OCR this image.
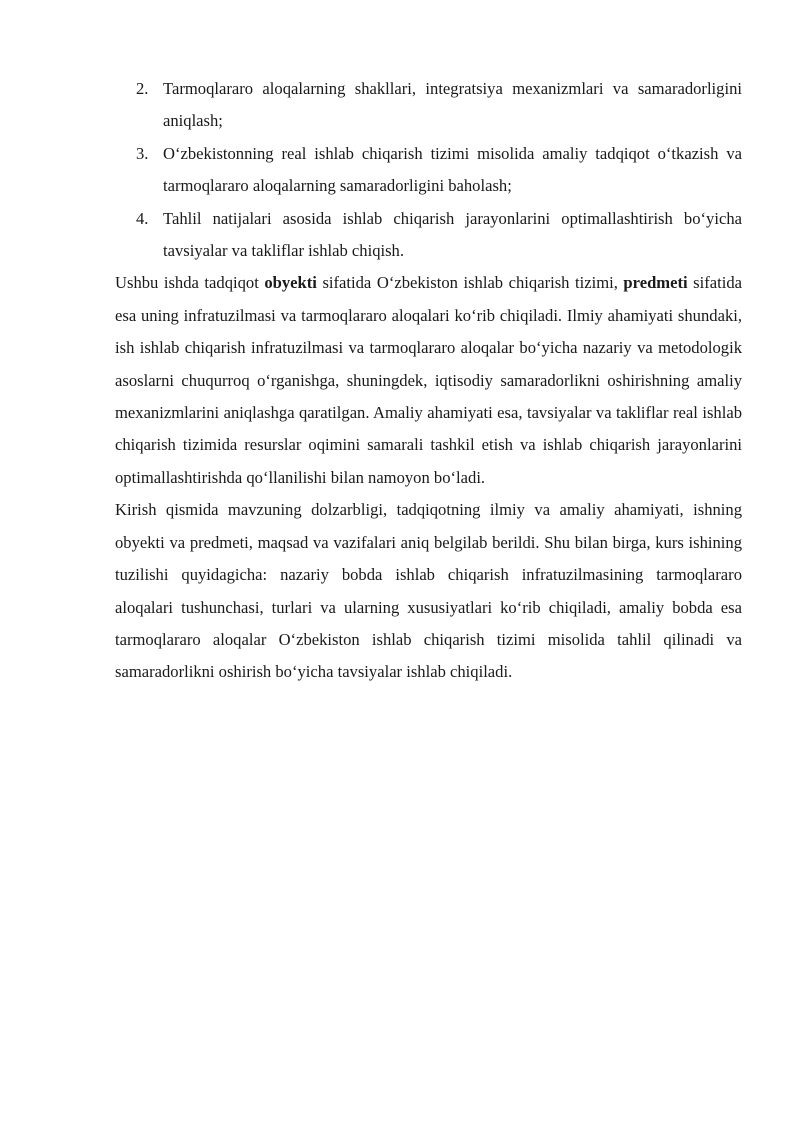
2. Tarmoqlararo aloqalarning shakllari, integratsiya mexanizmlari va samaradorligini aniqlash;
3. O‘zbekistonning real ishlab chiqarish tizimi misolida amaliy tadqiqot o‘tkazish va tarmoqlararo aloqalarning samaradorligini baholash;
4. Tahlil natijalari asosida ishlab chiqarish jarayonlarini optimallashtirish bo‘yicha tavsiyalar va takliflar ishlab chiqish.

Ushbu ishda tadqiqot obyekti sifatida O‘zbekiston ishlab chiqarish tizimi, predmeti sifatida esa uning infratuzilmasi va tarmoqlararo aloqalari ko‘rib chiqiladi. Ilmiy ahamiyati shundaki, ish ishlab chiqarish infratuzilmasi va tarmoqlararo aloqalar bo‘yicha nazariy va metodologik asoslarni chuqurroq o‘rganishga, shuningdek, iqtisodiy samaradorlikni oshirishning amaliy mexanizmlarini aniqlashga qaratilgan. Amaliy ahamiyati esa, tavsiyalar va takliflar real ishlab chiqarish tizimida resurslar oqimini samarali tashkil etish va ishlab chiqarish jarayonlarini optimallashtirishda qo‘llanilishi bilan namoyon bo‘ladi.

Kirish qismida mavzuning dolzarbligi, tadqiqotning ilmiy va amaliy ahamiyati, ishning obyekti va predmeti, maqsad va vazifalari aniq belgilab berildi. Shu bilan birga, kurs ishining tuzilishi quyidagicha: nazariy bobda ishlab chiqarish infratuzilmasining tarmoqlararo aloqalari tushunchasi, turlari va ularning xususiyatlari ko‘rib chiqiladi, amaliy bobda esa tarmoqlararo aloqalar O‘zbekiston ishlab chiqarish tizimi misolida tahlil qilinadi va samaradorlikni oshirish bo‘yicha tavsiyalar ishlab chiqiladi.
